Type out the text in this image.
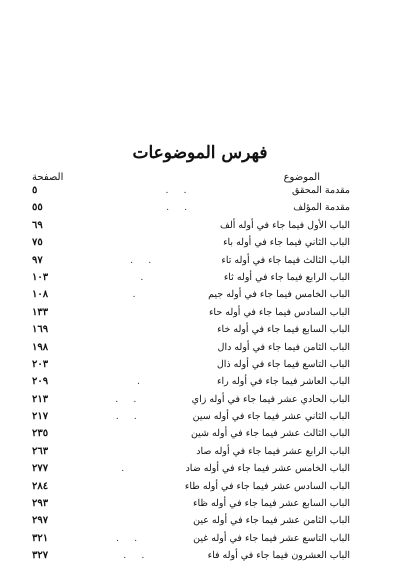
فهرس الموضوعات
الموضوع
الصفحة
مقدمة المحقق
. .
٥
مقدمة المؤلف
. .
٥٥
الباب الأول فيما جاء في أوله ألف
٦٩
الباب الثاني فيما جاء في أوله باء
٧٥
الباب الثالث فيما جاء في أوله تاء
. .
٩٧
الباب الرابع فيما جاء في أوله ثاء
.
١٠٣
الباب الخامس فيما جاء في أوله جيم
.
١٠٨
الباب السادس فيما جاء في أوله حاء
١٣٣
الباب السابع فيما جاء في أوله خاء
١٦٩
الباب الثامن فيما جاء في أوله دال
١٩٨
الباب التاسع فيما جاء في أوله ذال
٢٠٣
الباب العاشر فيما جاء في أوله راء
.
٢٠٩
الباب الحادي عشر فيما جاء في أوله زاي
. .
٢١٣
الباب الثاني عشر فيما جاء في أوله سين
. .
٢١٧
الباب الثالث عشر فيما جاء في أوله شين
٢٣٥
الباب الرابع عشر فيما جاء في أوله صاد
٢٦٣
الباب الخامس عشر فيما جاء في أوله ضاد
.
٢٧٧
الباب السادس عشر فيما جاء في أوله طاء
٢٨٤
الباب السابع عشر فيما جاء في أوله ظاء
٢٩٣
الباب الثامن عشر فيما جاء في أوله عين
٢٩٧
الباب التاسع عشر فيما جاء في أوله غين
. .
٣٢١
الباب العشرون فيما جاء في أوله فاء
. .
٣٢٧
